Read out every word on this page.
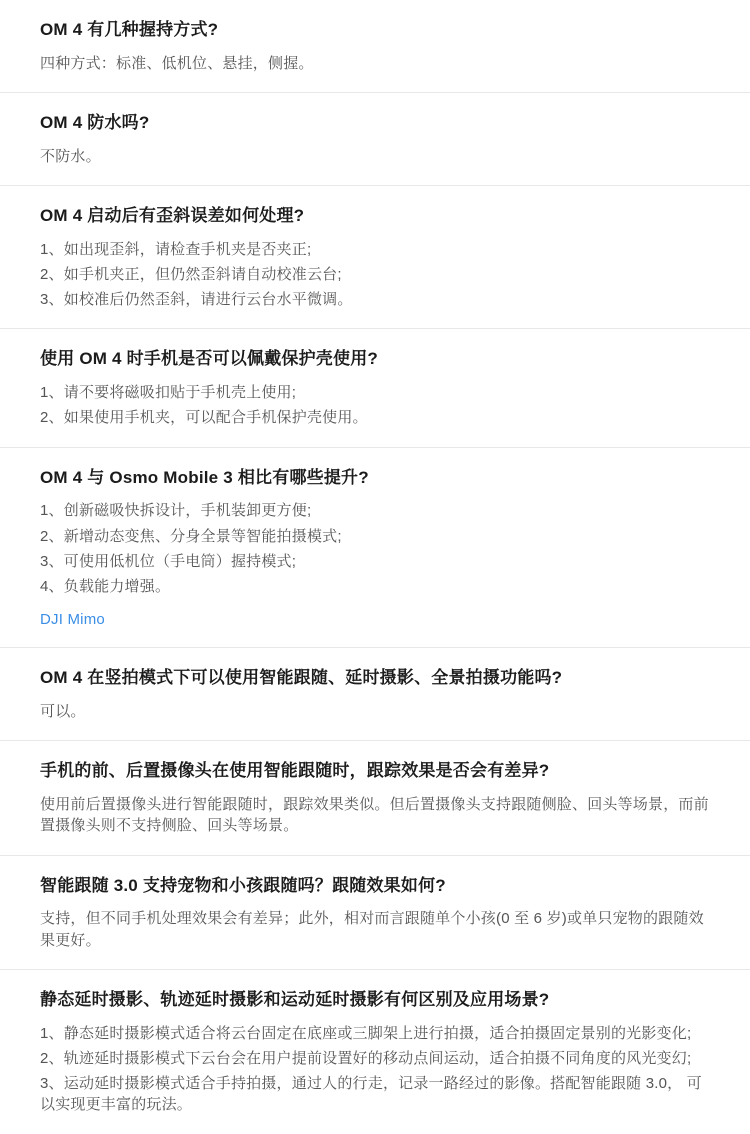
OM 4 有几种握持方式?
四种方式：标准、低机位、悬挂，侧握。
OM 4 防水吗?
不防水。
OM 4 启动后有歪斜误差如何处理?
1、如出现歪斜，请检查手机夹是否夹正;
2、如手机夹正，但仍然歪斜请自动校准云台;
3、如校准后仍然歪斜，请进行云台水平微调。
使用 OM 4 时手机是否可以佩戴保护壳使用?
1、请不要将磁吸扣贴于手机壳上使用;
2、如果使用手机夹，可以配合手机保护壳使用。
OM 4 与 Osmo Mobile 3 相比有哪些提升?
1、创新磁吸快拆设计，手机装卸更方便;
2、新增动态变焦、分身全景等智能拍摄模式;
3、可使用低机位（手电筒）握持模式;
4、负载能力增强。
DJI Mimo
OM 4 在竖拍模式下可以使用智能跟随、延时摄影、全景拍摄功能吗?
可以。
手机的前、后置摄像头在使用智能跟随时，跟踪效果是否会有差异?
使用前后置摄像头进行智能跟随时，跟踪效果类似。但后置摄像头支持跟随侧脸、回头等场景，而前置摄像头则不支持侧脸、回头等场景。
智能跟随 3.0 支持宠物和小孩跟随吗？跟随效果如何?
支持，但不同手机处理效果会有差异；此外，相对而言跟随单个小孩(0 至 6 岁)或单只宠物的跟随效果更好。
静态延时摄影、轨迹延时摄影和运动延时摄影有何区别及应用场景?
1、静态延时摄影模式适合将云台固定在底座或三脚架上进行拍摄，适合拍摄固定景别的光影变化;
2、轨迹延时摄影模式下云台会在用户提前设置好的移动点间运动，适合拍摄不同角度的风光变幻;
3、运动延时摄影模式适合手持拍摄，通过人的行走，记录一路经过的影像。搭配智能跟随 3.0， 可以实现更丰富的玩法。
